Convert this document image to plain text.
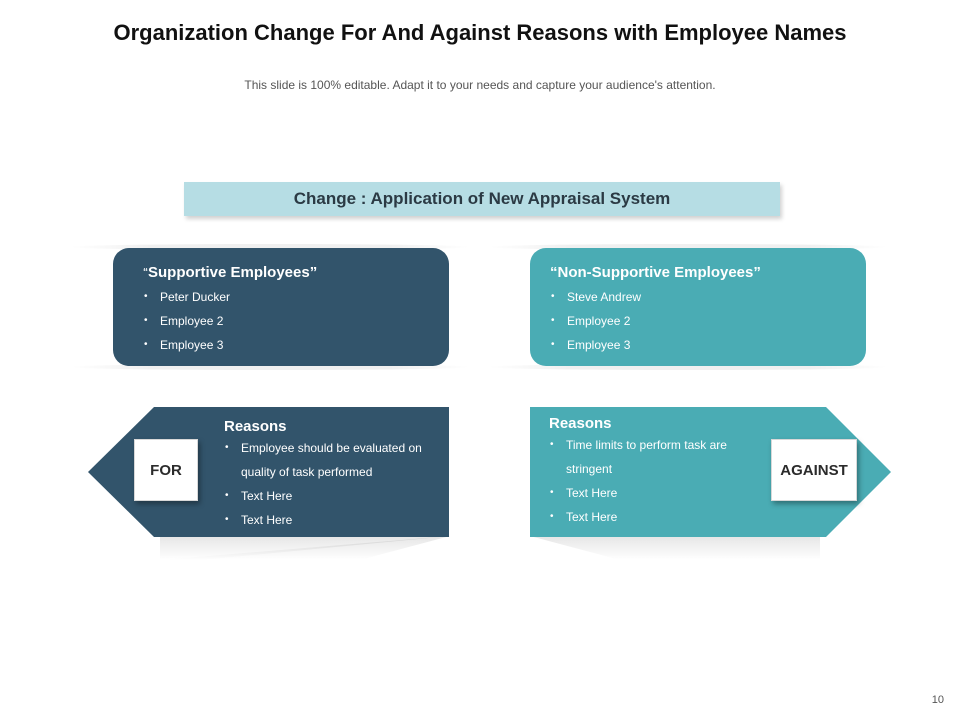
Organization Change For And Against Reasons with Employee Names
This slide is 100% editable. Adapt it to your needs and capture your audience's attention.
Change : Application of New Appraisal System
“Supportive Employees”
• Peter Ducker
• Employee 2
• Employee 3
“Non-Supportive Employees”
• Steve Andrew
• Employee 2
• Employee 3
FOR	AGAINST
Reasons
• Employee should be evaluated on quality of task performed
• Text Here
• Text Here
Reasons
• Time limits to perform task are stringent
• Text Here
• Text Here
10
